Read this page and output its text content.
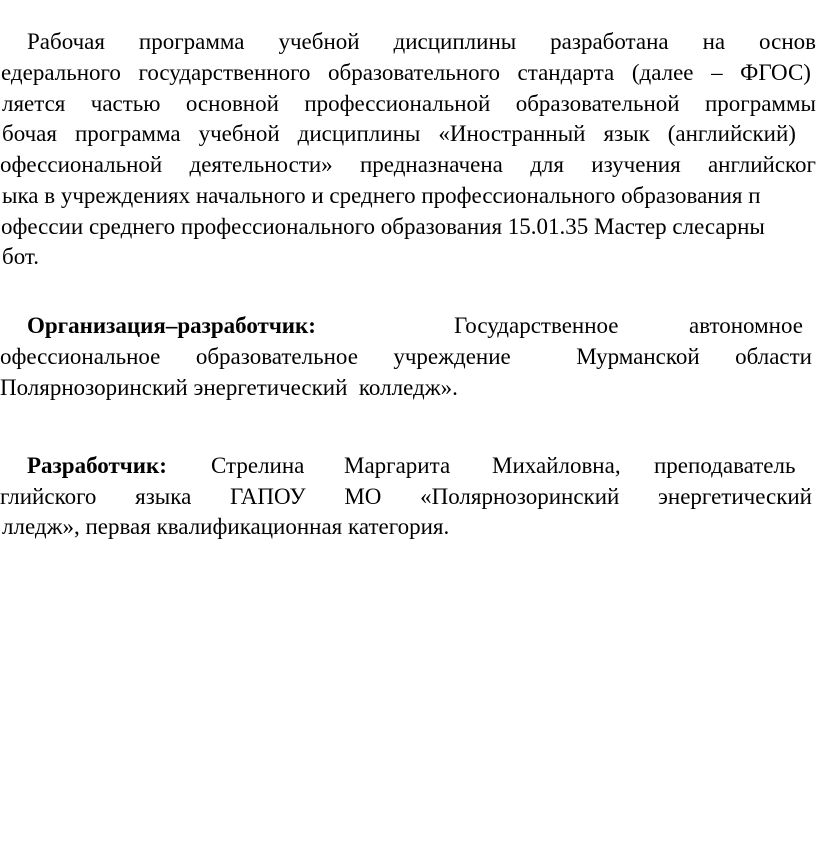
Рабочая программа учебной дисциплины разработана на основ
едерального государственного образовательного стандарта (далее – ФГОС)
ляется частью основной профессиональной образовательной программы
бочая программа учебной дисциплины «Иностранный язык (английский)
офессиональной деятельности» предназначена для изучения английског
ыка в учреждениях начального и среднего профессионального образования п
офессии среднего профессионального образования 15.01.35 Мастер слесарны
бот.
Организация–разработчик:	Государственное	автономное
офессиональное образовательное учреждение	Мурманской области
Полярнозоринский энергетический  колледж».
Разработчик: Стрелина Маргарита Михайловна, преподаватель
глийского языка ГАПОУ МО «Полярнозоринский энергетический
лледж», первая квалификационная категория.
